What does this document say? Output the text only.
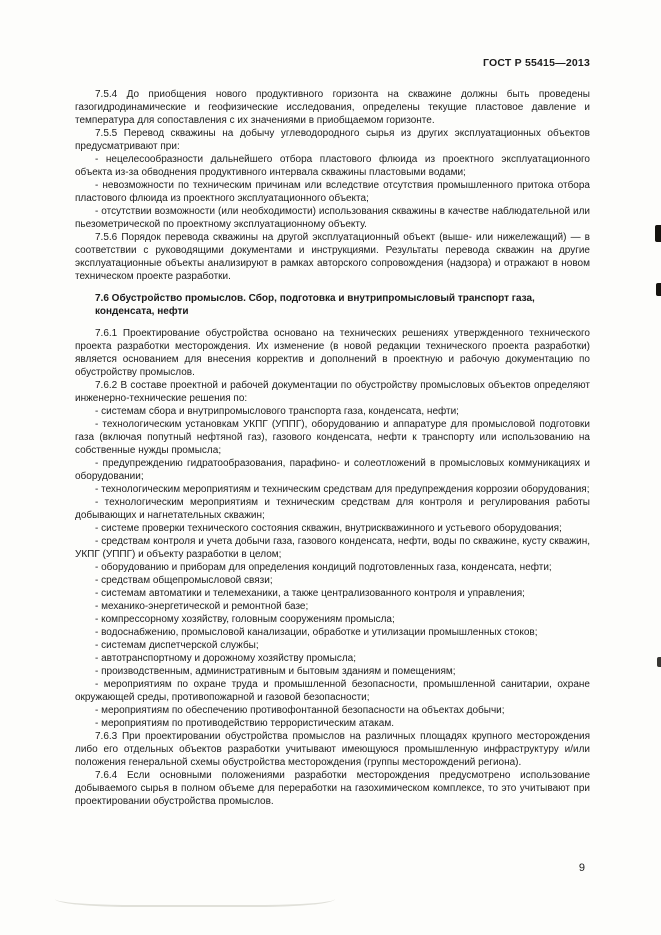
ГОСТ Р 55415—2013

7.5.4 До приобщения нового продуктивного горизонта на скважине должны быть проведены газогидродинамические и геофизические исследования, определены текущие пластовое давление и температура для сопоставления с их значениями в приобщаемом горизонте.

7.5.5 Перевод скважины на добычу углеводородного сырья из других эксплуатационных объектов предусматривают при:

- нецелесообразности дальнейшего отбора пластового флюида из проектного эксплуатационного объекта из-за обводнения продуктивного интервала скважины пластовыми водами;

- невозможности по техническим причинам или вследствие отсутствия промышленного притока отбора пластового флюида из проектного эксплуатационного объекта;

- отсутствии возможности (или необходимости) использования скважины в качестве наблюдательной или пьезометрической по проектному эксплуатационному объекту.

7.5.6 Порядок перевода скважины на другой эксплуатационный объект (выше- или нижележащий) — в соответствии с руководящими документами и инструкциями. Результаты перевода скважин на другие эксплуатационные объекты анализируют в рамках авторского сопровождения (надзора) и отражают в новом техническом проекте разработки.

7.6 Обустройство промыслов. Сбор, подготовка и внутрипромысловый транспорт газа, конденсата, нефти

7.6.1 Проектирование обустройства основано на технических решениях утвержденного технического проекта разработки месторождения. Их изменение (в новой редакции технического проекта разработки) является основанием для внесения корректив и дополнений в проектную и рабочую документацию по обустройству промыслов.

7.6.2 В составе проектной и рабочей документации по обустройству промысловых объектов определяют инженерно-технические решения по:

- системам сбора и внутрипромыслового транспорта газа, конденсата, нефти;

- технологическим установкам УКПГ (УППГ), оборудованию и аппаратуре для промысловой подготовки газа (включая попутный нефтяной газ), газового конденсата, нефти к транспорту или использованию на собственные нужды промысла;

- предупреждению гидратообразования, парафино- и солеотложений в промысловых коммуникациях и оборудовании;

- технологическим мероприятиям и техническим средствам для предупреждения коррозии оборудования;

- технологическим мероприятиям и техническим средствам для контроля и регулирования работы добывающих и нагнетательных скважин;

- системе проверки технического состояния скважин, внутрискважинного и устьевого оборудования;

- средствам контроля и учета добычи газа, газового конденсата, нефти, воды по скважине, кусту скважин, УКПГ (УППГ) и объекту разработки в целом;

- оборудованию и приборам для определения кондиций подготовленных газа, конденсата, нефти;

- средствам общепромысловой связи;

- системам автоматики и телемеханики, а также централизованного контроля и управления;

- механико-энергетической и ремонтной базе;

- компрессорному хозяйству, головным сооружениям промысла;

- водоснабжению, промысловой канализации, обработке и утилизации промышленных стоков;

- системам диспетчерской службы;

- автотранспортному и дорожному хозяйству промысла;

- производственным, административным и бытовым зданиям и помещениям;

- мероприятиям по охране труда и промышленной безопасности, промышленной санитарии, охране окружающей среды, противопожарной и газовой безопасности;

- мероприятиям по обеспечению противофонтанной безопасности на объектах добычи;

- мероприятиям по противодействию террористическим атакам.

7.6.3 При проектировании обустройства промыслов на различных площадях крупного месторождения либо его отдельных объектов разработки учитывают имеющуюся промышленную инфраструктуру и/или положения генеральной схемы обустройства месторождения (группы месторождений региона).

7.6.4 Если основными положениями разработки месторождения предусмотрено использование добываемого сырья в полном объеме для переработки на газохимическом комплексе, то это учитывают при проектировании обустройства промыслов.

9
